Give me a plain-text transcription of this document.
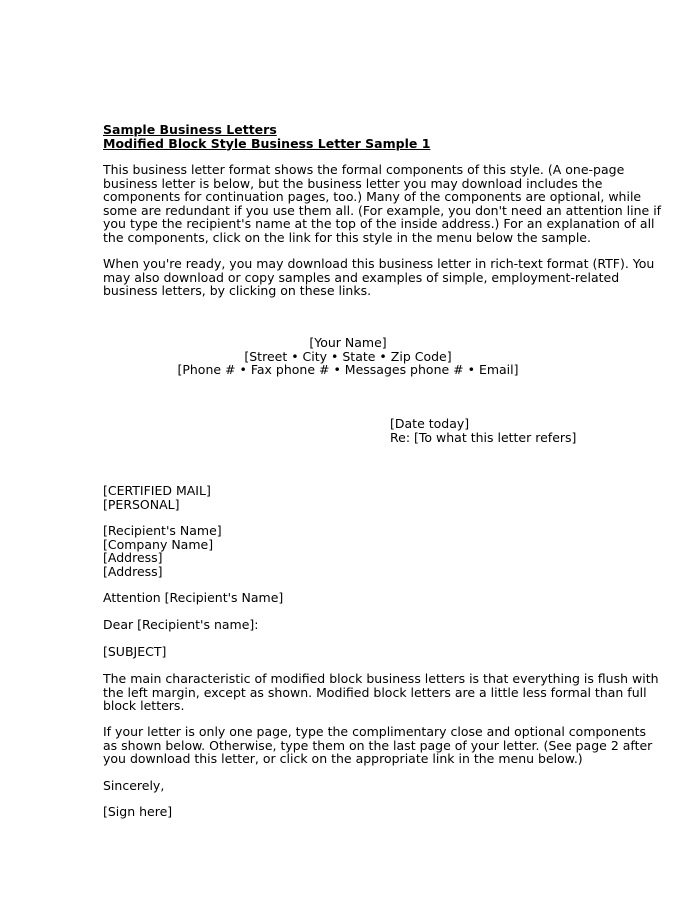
Sample Business Letters

Modified Block Style Business Letter Sample 1

This business letter format shows the formal components of this style. (A one-page

business letter is below, but the business letter you may download includes the

components for continuation pages, too.) Many of the components are optional, while

some are redundant if you use them all. (For example, you don't need an attention line if

you type the recipient's name at the top of the inside address.) For an explanation of all

the components, click on the link for this style in the menu below the sample.

When you're ready, you may download this business letter in rich-text format (RTF). You

may also download or copy samples and examples of simple, employment-related

business letters, by clicking on these links.

[Your Name]

[Street • City • State • Zip Code]

[Phone # • Fax phone # • Messages phone # • Email]

[Date today]

Re: [To what this letter refers]

[CERTIFIED MAIL]

[PERSONAL]

[Recipient's Name]

[Company Name]

[Address]

[Address]

Attention [Recipient's Name]

Dear [Recipient's name]:

[SUBJECT]

The main characteristic of modified block business letters is that everything is flush with

the left margin, except as shown. Modified block letters are a little less formal than full

block letters.

If your letter is only one page, type the complimentary close and optional components

as shown below. Otherwise, type them on the last page of your letter. (See page 2 after

you download this letter, or click on the appropriate link in the menu below.)

Sincerely,

[Sign here]
